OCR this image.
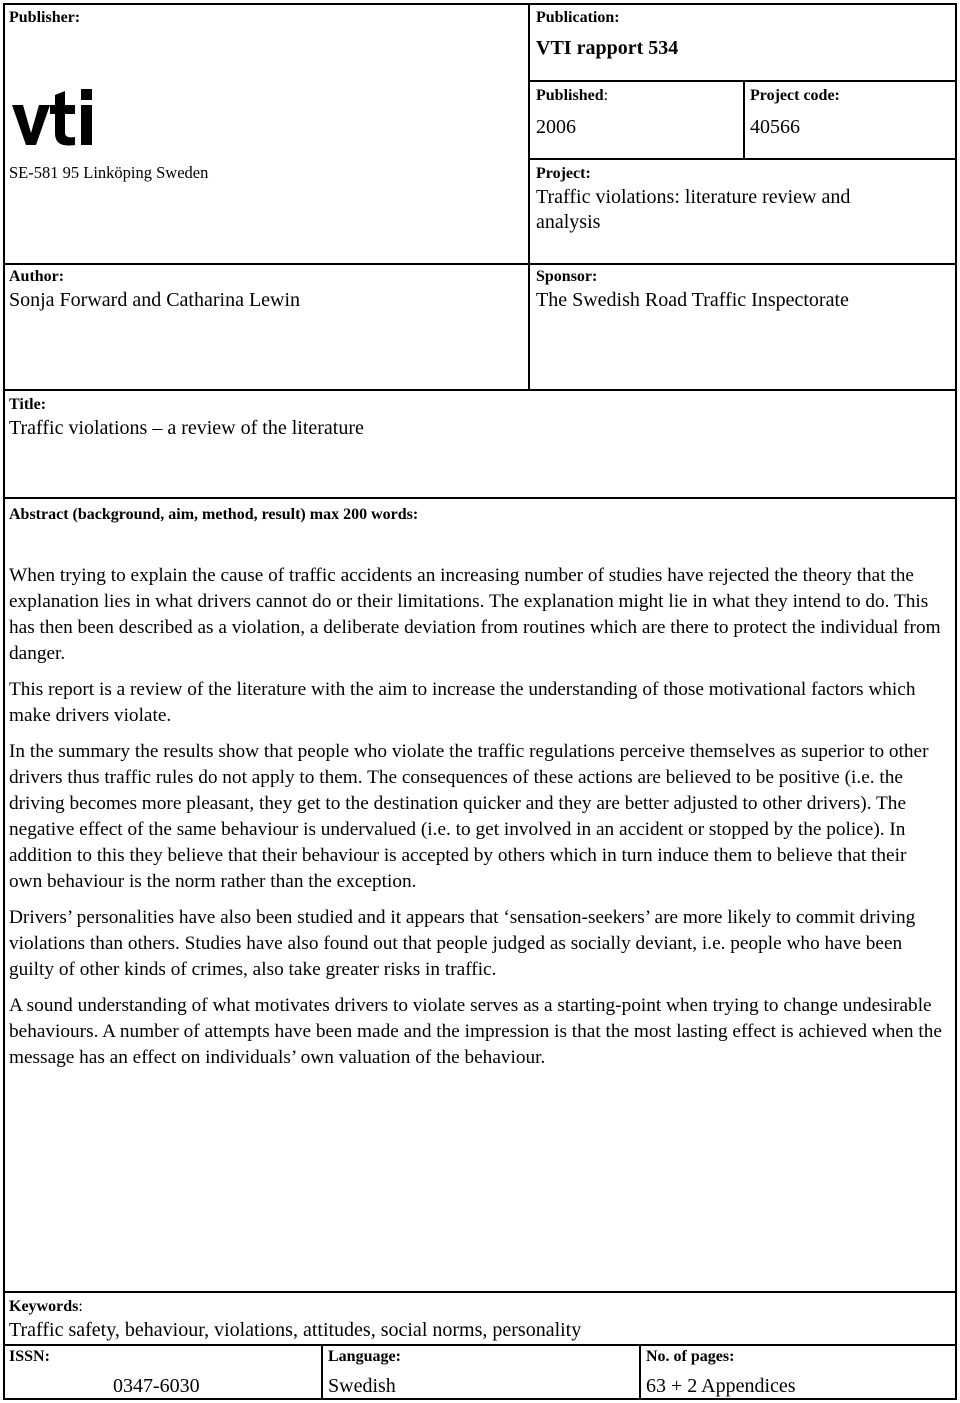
Publisher:
SE-581 95 Linköping Sweden
Publication:
VTI rapport 534
Published:
2006
Project code:
40566
Project:
Traffic violations: literature review and analysis
Author:
Sonja Forward and Catharina Lewin
Sponsor:
The Swedish Road Traffic Inspectorate
Title:
Traffic violations – a review of the literature
Abstract (background, aim, method, result) max 200 words:

When trying to explain the cause of traffic accidents an increasing number of studies have rejected the theory that the explanation lies in what drivers cannot do or their limitations. The explanation might lie in what they intend to do. This has then been described as a violation, a deliberate deviation from routines which are there to protect the individual from danger.

This report is a review of the literature with the aim to increase the understanding of those motivational factors which make drivers violate.

In the summary the results show that people who violate the traffic regulations perceive themselves as superior to other drivers thus traffic rules do not apply to them. The consequences of these actions are believed to be positive (i.e. the driving becomes more pleasant, they get to the destination quicker and they are better adjusted to other drivers). The negative effect of the same behaviour is undervalued (i.e. to get involved in an accident or stopped by the police). In addition to this they believe that their behaviour is accepted by others which in turn induce them to believe that their own behaviour is the norm rather than the exception.

Drivers’ personalities have also been studied and it appears that ‘sensation-seekers’ are more likely to commit driving violations than others. Studies have also found out that people judged as socially deviant, i.e. people who have been guilty of other kinds of crimes, also take greater risks in traffic.

A sound understanding of what motivates drivers to violate serves as a starting-point when trying to change undesirable behaviours. A number of attempts have been made and the impression is that the most lasting effect is achieved when the message has an effect on individuals’ own valuation of the behaviour.

Keywords:
Traffic safety, behaviour, violations, attitudes, social norms, personality
ISSN:
0347-6030
Language:
Swedish
No. of pages:
63 + 2 Appendices
